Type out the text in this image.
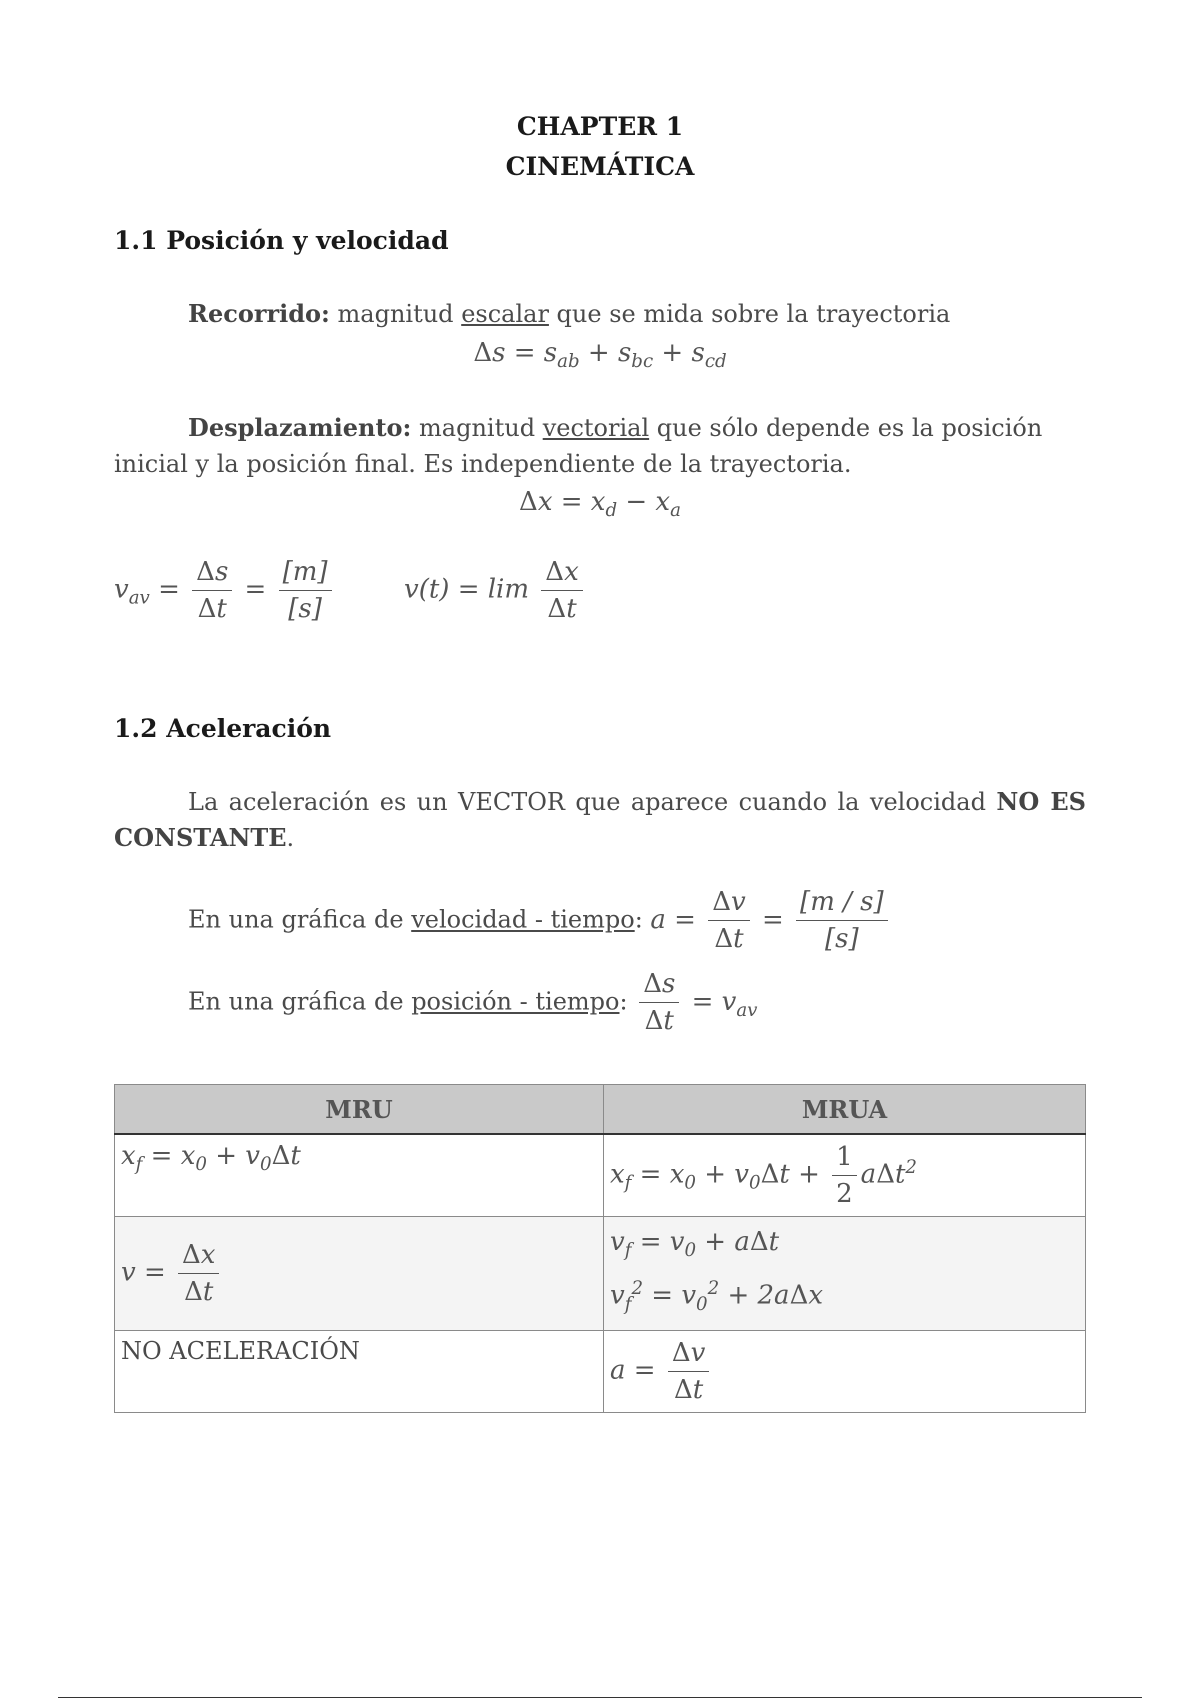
CHAPTER 1
CINEMÁTICA
1.1 Posición y velocidad

Recorrido: magnitud escalar que se mida sobre la trayectoria

$\Delta s = s_{ab} + s_{bc} + s_{cd}$

Desplazamiento: magnitud vectorial que sólo depende es la posición inicial y la posición final. Es independiente de la trayectoria.

$\Delta x = x_d - x_a$
$v_{av} = \frac{\Delta s}{\Delta t} = \frac{[m]}{[s]}$	$v(t) = \lim \frac{\Delta x}{\Delta t}$
1.2 Aceleración

La aceleración es un VECTOR que aparece cuando la velocidad NO ES CONSTANTE.

En una gráfica de velocidad - tiempo: $a = \frac{\Delta v}{\Delta t} = \frac{[m / s]}{[s]}$
En una gráfica de posición - tiempo: $\frac{\Delta s}{\Delta t} = v_{av}$
MRU	MRUA
$x_f = x_0 + v_0\Delta t$	$x_f = x_0 + v_0\Delta t + \frac{1}{2} a\Delta t^2$
$v = \frac{\Delta x}{\Delta t}$	$v_f = v_0 + a\Delta t$
$v_f^2 = v_0^2 + 2a\Delta x$
NO ACELERACIÓN	$a = \frac{\Delta v}{\Delta t}$
